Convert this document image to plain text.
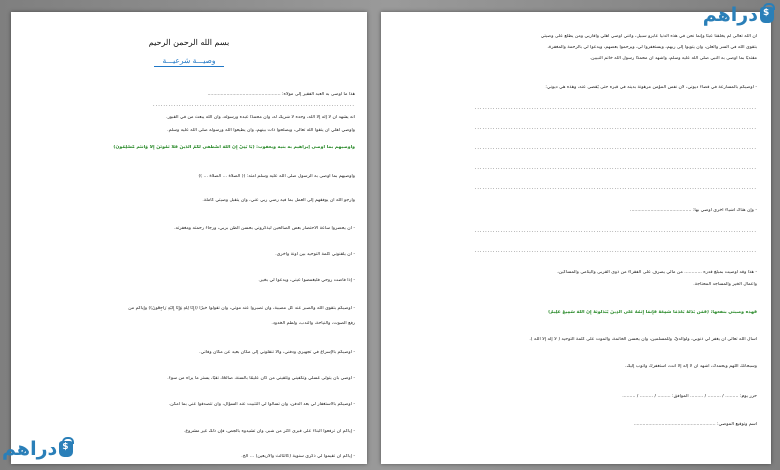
بسم الله الرحمن الرحيم
وصيـــة شرعيـــة
هذا ما أوصى به العبد الفقير إلى مولاه: ..................................................
..............................................................................
أنه يشهد أن لا إله إلا الله، وحده لا شريك له، وأن محمدًا عبده ورسوله، وأن الله يبعث من في القبور.
وأوصي أهلي أن يتقوا الله تعالى، ويصلحوا ذات بينهم، وأن يطيعوا الله ورسوله صلى الله عليه وسلم.
وأوصيهم بما أوصى إبراهيم به بنيه ويعقوب: (يَا بَنِيَّ إِنَّ اللَّهَ اصْطَفَى لَكُمُ الدِّينَ فَلَا تَمُوتُنَّ إِلَّا وَأَنتُم مُّسْلِمُونَ)
وأوصيهم بما أوصى به الرسول صلى الله عليه وسلم أمته: (( الصلاة ... الصلاة ... ))
وأرجو الله أن يوفقهم إلى العمل بما فيه رضي ربي عني، وأن يتقبل وصيتي كاملة.
- أن يحضروا ساعة الاحتضار بعض الصالحين ليذكروني بحسن الظن بربي، ورجاء رحمته ومغفرته.
- أن يلقنوني كلمة التوحيد بين آونة وأخرى.
- إذا فاضت روحي فليغمضوا عيني، ويدعوا لي بخير.
- أوصيكم بتقوى الله والصبر عند كل مصيبة، وأن تصبروا عند موتي، وأن تقولوا خيرًا ((إِنَّا لِلَّهِ وَإِنَّا إِلَيْهِ رَاجِعُونَ)) وإياكم من
رفع الصوت، والنياحة، والندب، ولطم الخدود.
- أوصيكم بالإسراع في تجهيزي ودفني، وألا تنقلوني إلى مكان بعيد عن مكان وفاتي.
- أوصي بأن يتولى غسلي وتكفيني وتلقيني من كان عليمًا بالسنة، صالحًا، تقيًا، يستر ما يراه من سوء.
- أوصيكم بالاستغفار لي بعد الدفن، وأن تسألوا لي التثبيت عند السؤال، وأن تتصدقوا عني بما أمكن.
- إياكم أن ترفعوا البناء على قبري أكثر من شبر، وأن تشيدوه بالجص، فإن ذلك غير مشروع.
- إياكم أن تقيموا لي ذكرى سنوية (كالثالث والأربعين) ... الخ.
أن الله تعالى لم يخلقنا عبثًا وإنما نحن في هذه الدنيا عابرو سبيل، وأنني أوصي أهلي وأقاربي ومن يطلع على وصيتي
بتقوى الله في السر والعلن، وأن يتوبوا إلى ربهم، ويستغفروا لي، ويرحموا بعضهم، ويدعوا لي بالرحمة والمغفرة،
مقتديًا بما أوصى به النبي صلى الله عليه وسلم، وأشهد أن محمدًا رسول الله خاتم النبيين.
- أوصيكم بالمسارعة في قضاء ديوني، لأن نفس المؤمن مرهونة بدينه في قبره حتى يُقضى عنه، وهذه هي ديوني:
.............................................................................................................
.............................................................................................................
.............................................................................................................
.............................................................................................................
.............................................................................................................
- وإن هناك أشياء أخرى أوصي بها: ..........................................
.............................................................................................................
.............................................................................................................
- هذا وقد أوصيت بمبلغ قدره ............ من مالي يصرف على الفقراء من ذوي القربى واليتامى والمساكين،
وأعمال الخير والمساجد المحتاجة.
فهذه وصيتي بنفعها: (فَمَن بَدَّلَهُ بَعْدَمَا سَمِعَهُ فَإِنَّمَا إِثْمُهُ عَلَى الَّذِينَ يُبَدِّلُونَهُ إِنَّ اللَّهَ سَمِيعٌ عَلِيمٌ)
أسأل الله تعالى أن يغفر لي ذنوبي، ولوالديّ، وللمسلمين، وأن يحسن الخاتمة، والموت على كلمة التوحيد ( لا إله إلا الله ).
وسبحانك اللهم وبحمدك، أشهد أن لا إله إلا أنت، أستغفرك وأتوب إليك.
حرر يوم: ......... / ......... / ......... الموافق: ......... / ......... / .........
اسم وتوقيع الموصي: ........................................................
دراهم
$
دراهم
$
